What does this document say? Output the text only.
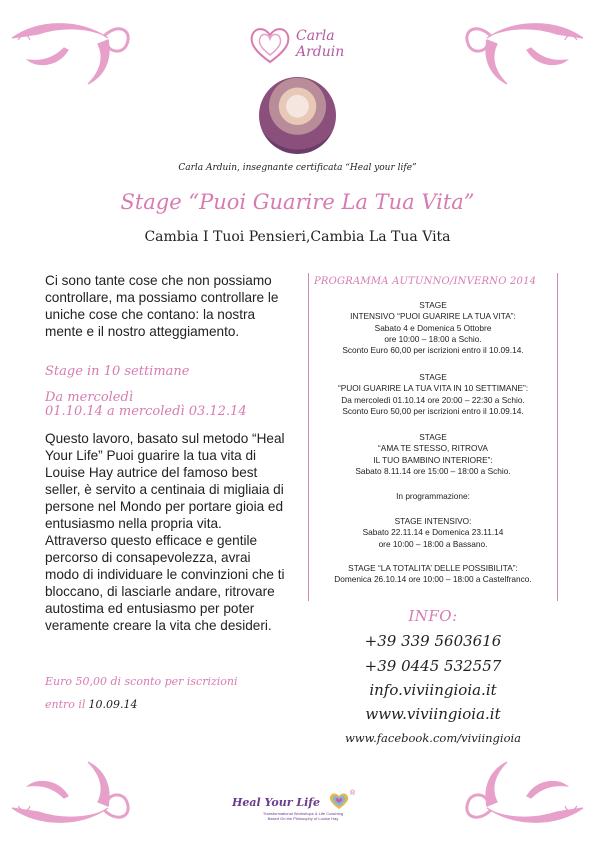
Carla
Arduin
Carla Arduin, insegnante certificata “Heal your life”
Stage “Puoi Guarire La Tua Vita”
Cambia I Tuoi Pensieri,Cambia La Tua Vita
Ci sono tante cose che non possiamo controllare, ma possiamo controllare le uniche cose che contano: la nostra mente e il nostro atteggiamento.
Stage in 10 settimane
Da mercoledì
01.10.14 a mercoledì 03.12.14
Questo lavoro, basato sul metodo “Heal Your Life” Puoi guarire la tua vita di Louise Hay autrice del famoso best seller, è servito a centinaia di migliaia di persone nel Mondo per portare gioia ed entusiasmo nella propria vita. Attraverso questo efficace e gentile percorso di consapevolezza, avrai modo di individuare le convinzioni che ti bloccano, di lasciarle andare, ritrovare autostima ed entusiasmo per poter veramente creare la vita che desideri.
Euro 50,00 di sconto per iscrizioni
entro il 10.09.14
PROGRAMMA AUTUNNO/INVERNO 2014
STAGE
INTENSIVO “PUOI GUARIRE LA TUA VITA”:
Sabato 4 e Domenica 5 Ottobre
ore 10:00 – 18:00 a Schio.
Sconto Euro 60,00 per iscrizioni entro il 10.09.14.
STAGE
“PUOI GUARIRE LA TUA VITA IN 10 SETTIMANE”:
Da mercoledì 01.10.14 ore 20:00 – 22:30 a Schio.
Sconto Euro 50,00 per iscrizioni entro il 10.09.14.
STAGE
“AMA TE STESSO, RITROVA
IL TUO BAMBINO INTERIORE”:
Sabato 8.11.14 ore 15:00 – 18:00 a Schio.
In programmazione:
STAGE INTENSIVO:
Sabato 22.11.14 e Domenica 23.11.14
ore 10:00 – 18:00 a Bassano.
STAGE “LA TOTALITA’ DELLE POSSIBILITA”:
Domenica 26.10.14 ore 10:00 – 18:00 a Castelfranco.
INFO:
+39 339 5603616
+39 0445 532557
info.viviingioia.it
www.viviingioia.it
www.facebook.com/viviingioia
Heal Your Life
®
Transformational Workshops & Life Coaching
Based On the Philosophy of Louise Hay
